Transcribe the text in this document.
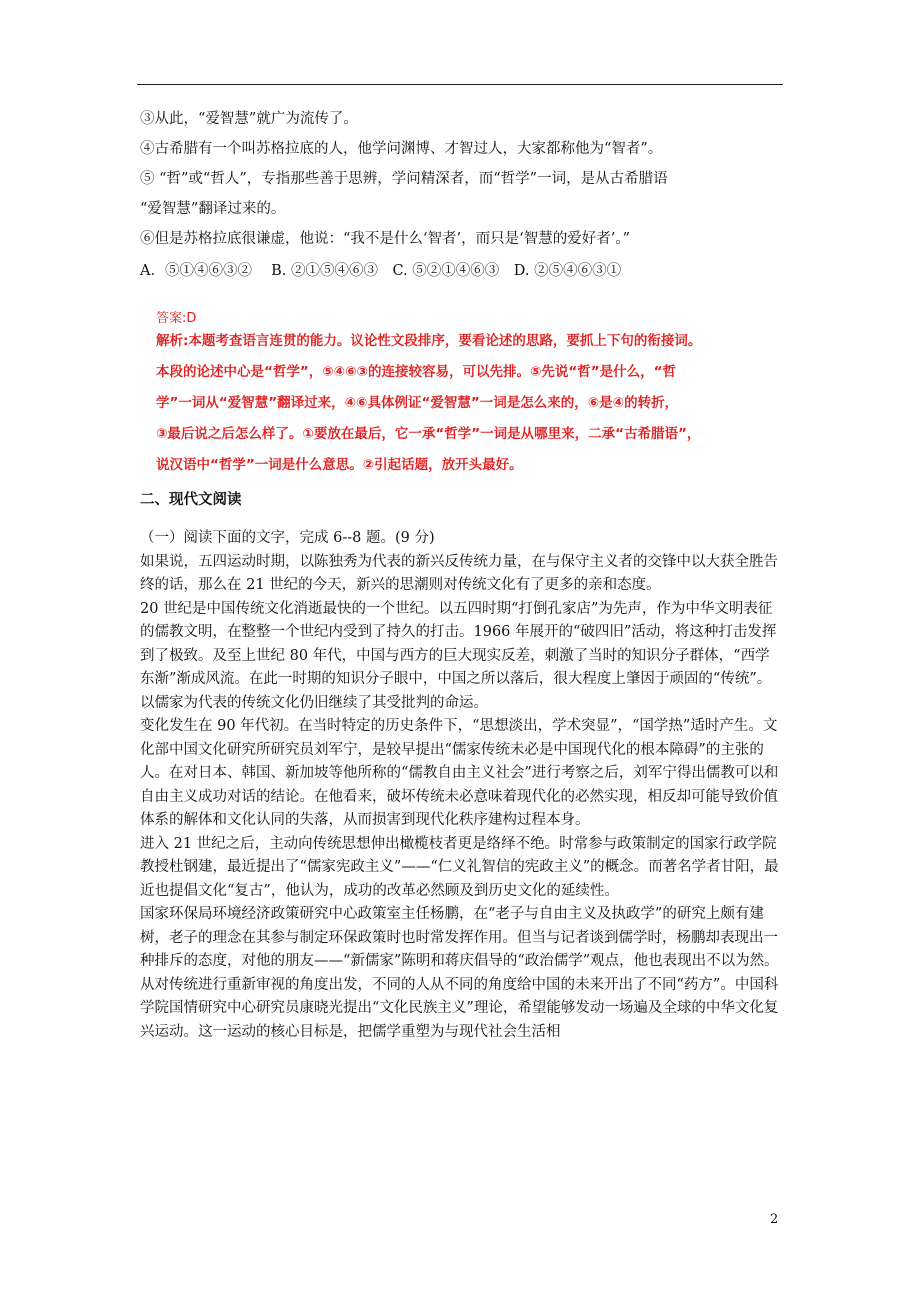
③从此，“爱智慧”就广为流传了。
④古希腊有一个叫苏格拉底的人，他学问渊博、才智过人，大家都称他为“智者”。
⑤ “哲”或“哲人”，专指那些善于思辨，学问精深者，而“哲学”一词，是从古希腊语
“爱智慧”翻译过来的。
⑥但是苏格拉底很谦虚，他说：“我不是什么‘智者’，而只是‘智慧的爱好者’。”
A．⑤①④⑥③②　 B. ②①⑤④⑥③　C. ⑤②①④⑥③　D. ②⑤④⑥③①
答案:D
解析:本题考查语言连贯的能力。议论性文段排序，要看论述的思路，要抓上下句的衔接词。
本段的论述中心是“哲学”，⑤④⑥③的连接较容易，可以先排。⑤先说“哲”是什么，“哲
学”一词从“爱智慧”翻译过来，④⑥具体例证“爱智慧”一词是怎么来的，⑥是④的转折，
③最后说之后怎么样了。①要放在最后，它一承“哲学”一词是从哪里来，二承“古希腊语”，
说汉语中“哲学”一词是什么意思。②引起话题，放开头最好。
二、现代文阅读

（一）阅读下面的文字，完成 6--8 题。(9 分)

如果说，五四运动时期，以陈独秀为代表的新兴反传统力量，在与保守主义者的交锋中以大获全胜告终的话，那么在 21 世纪的今天，新兴的思潮则对传统文化有了更多的亲和态度。

20 世纪是中国传统文化消逝最快的一个世纪。以五四时期“打倒孔家店”为先声，作为中华文明表征的儒教文明，在整整一个世纪内受到了持久的打击。1966 年展开的“破四旧”活动，将这种打击发挥到了极致。及至上世纪 80 年代，中国与西方的巨大现实反差，刺激了当时的知识分子群体，“西学东渐”渐成风流。在此一时期的知识分子眼中，中国之所以落后，很大程度上肇因于顽固的“传统”。以儒家为代表的传统文化仍旧继续了其受批判的命运。

变化发生在 90 年代初。在当时特定的历史条件下，“思想淡出，学术突显”，“国学热”适时产生。文化部中国文化研究所研究员刘军宁，是较早提出“儒家传统未必是中国现代化的根本障碍”的主张的人。在对日本、韩国、新加坡等他所称的“儒教自由主义社会”进行考察之后，刘军宁得出儒教可以和自由主义成功对话的结论。在他看来，破坏传统未必意味着现代化的必然实现，相反却可能导致价值体系的解体和文化认同的失落，从而损害到现代化秩序建构过程本身。

进入 21 世纪之后，主动向传统思想伸出橄榄枝者更是络绎不绝。时常参与政策制定的国家行政学院教授杜钢建，最近提出了“儒家宪政主义”——“仁义礼智信的宪政主义”的概念。而著名学者甘阳，最近也提倡文化“复古”，他认为，成功的改革必然顾及到历史文化的延续性。

国家环保局环境经济政策研究中心政策室主任杨鹏，在“老子与自由主义及执政学”的研究上颇有建树，老子的理念在其参与制定环保政策时也时常发挥作用。但当与记者谈到儒学时，杨鹏却表现出一种排斥的态度，对他的朋友——“新儒家”陈明和蒋庆倡导的“政治儒学”观点，他也表现出不以为然。

从对传统进行重新审视的角度出发，不同的人从不同的角度给中国的未来开出了不同“药方”。中国科学院国情研究中心研究员康晓光提出“文化民族主义”理论，希望能够发动一场遍及全球的中华文化复兴运动。这一运动的核心目标是，把儒学重塑为与现代社会生活相

2
